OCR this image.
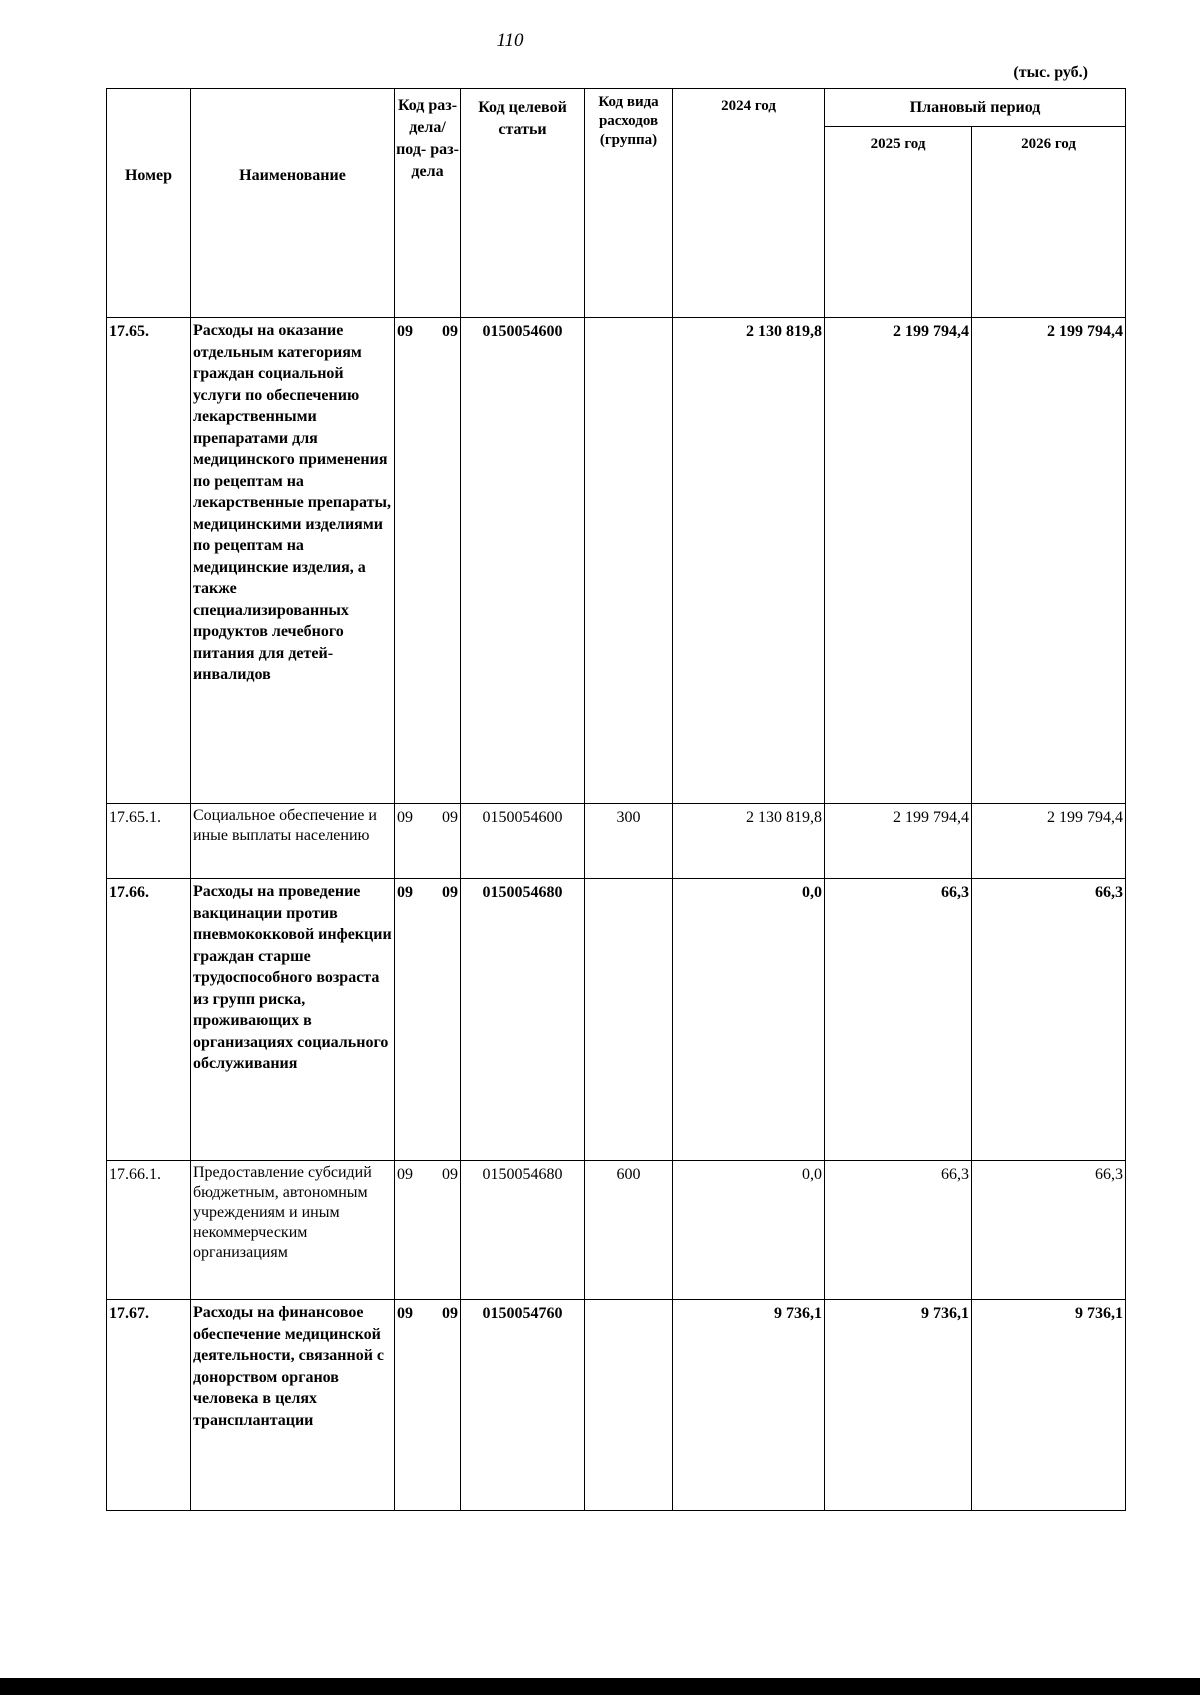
110
(тыс. руб.)
Номер	Наименование	Код раз- дела/ под- раз- дела	Код целевой статьи	Код вида расходов (группа)	2024 год	Плановый период	
						2025 год	2026 год
17.65.	Расходы на оказание отдельным категориям граждан социальной услуги по обеспечению лекарственными препаратами для медицинского применения по рецептам на лекарственные препараты, медицинскими изделиями по рецептам на медицинские изделия, а также специализированных продуктов лечебного питания для детей-инвалидов	09 09	0150054600		2 130 819,8	2 199 794,4	2 199 794,4
17.65.1.	Социальное обеспечение и иные выплаты населению	09 09	0150054600	300	2 130 819,8	2 199 794,4	2 199 794,4
17.66.	Расходы на проведение вакцинации против пневмококковой инфекции граждан старше трудоспособного возраста из групп риска, проживающих в организациях социального обслуживания	09 09	0150054680		0,0	66,3	66,3
17.66.1.	Предоставление субсидий бюджетным, автономным учреждениям и иным некоммерческим организациям	09 09	0150054680	600	0,0	66,3	66,3
17.67.	Расходы на финансовое обеспечение медицинской деятельности, связанной с донорством органов человека в целях трансплантации	09 09	0150054760		9 736,1	9 736,1	9 736,1
